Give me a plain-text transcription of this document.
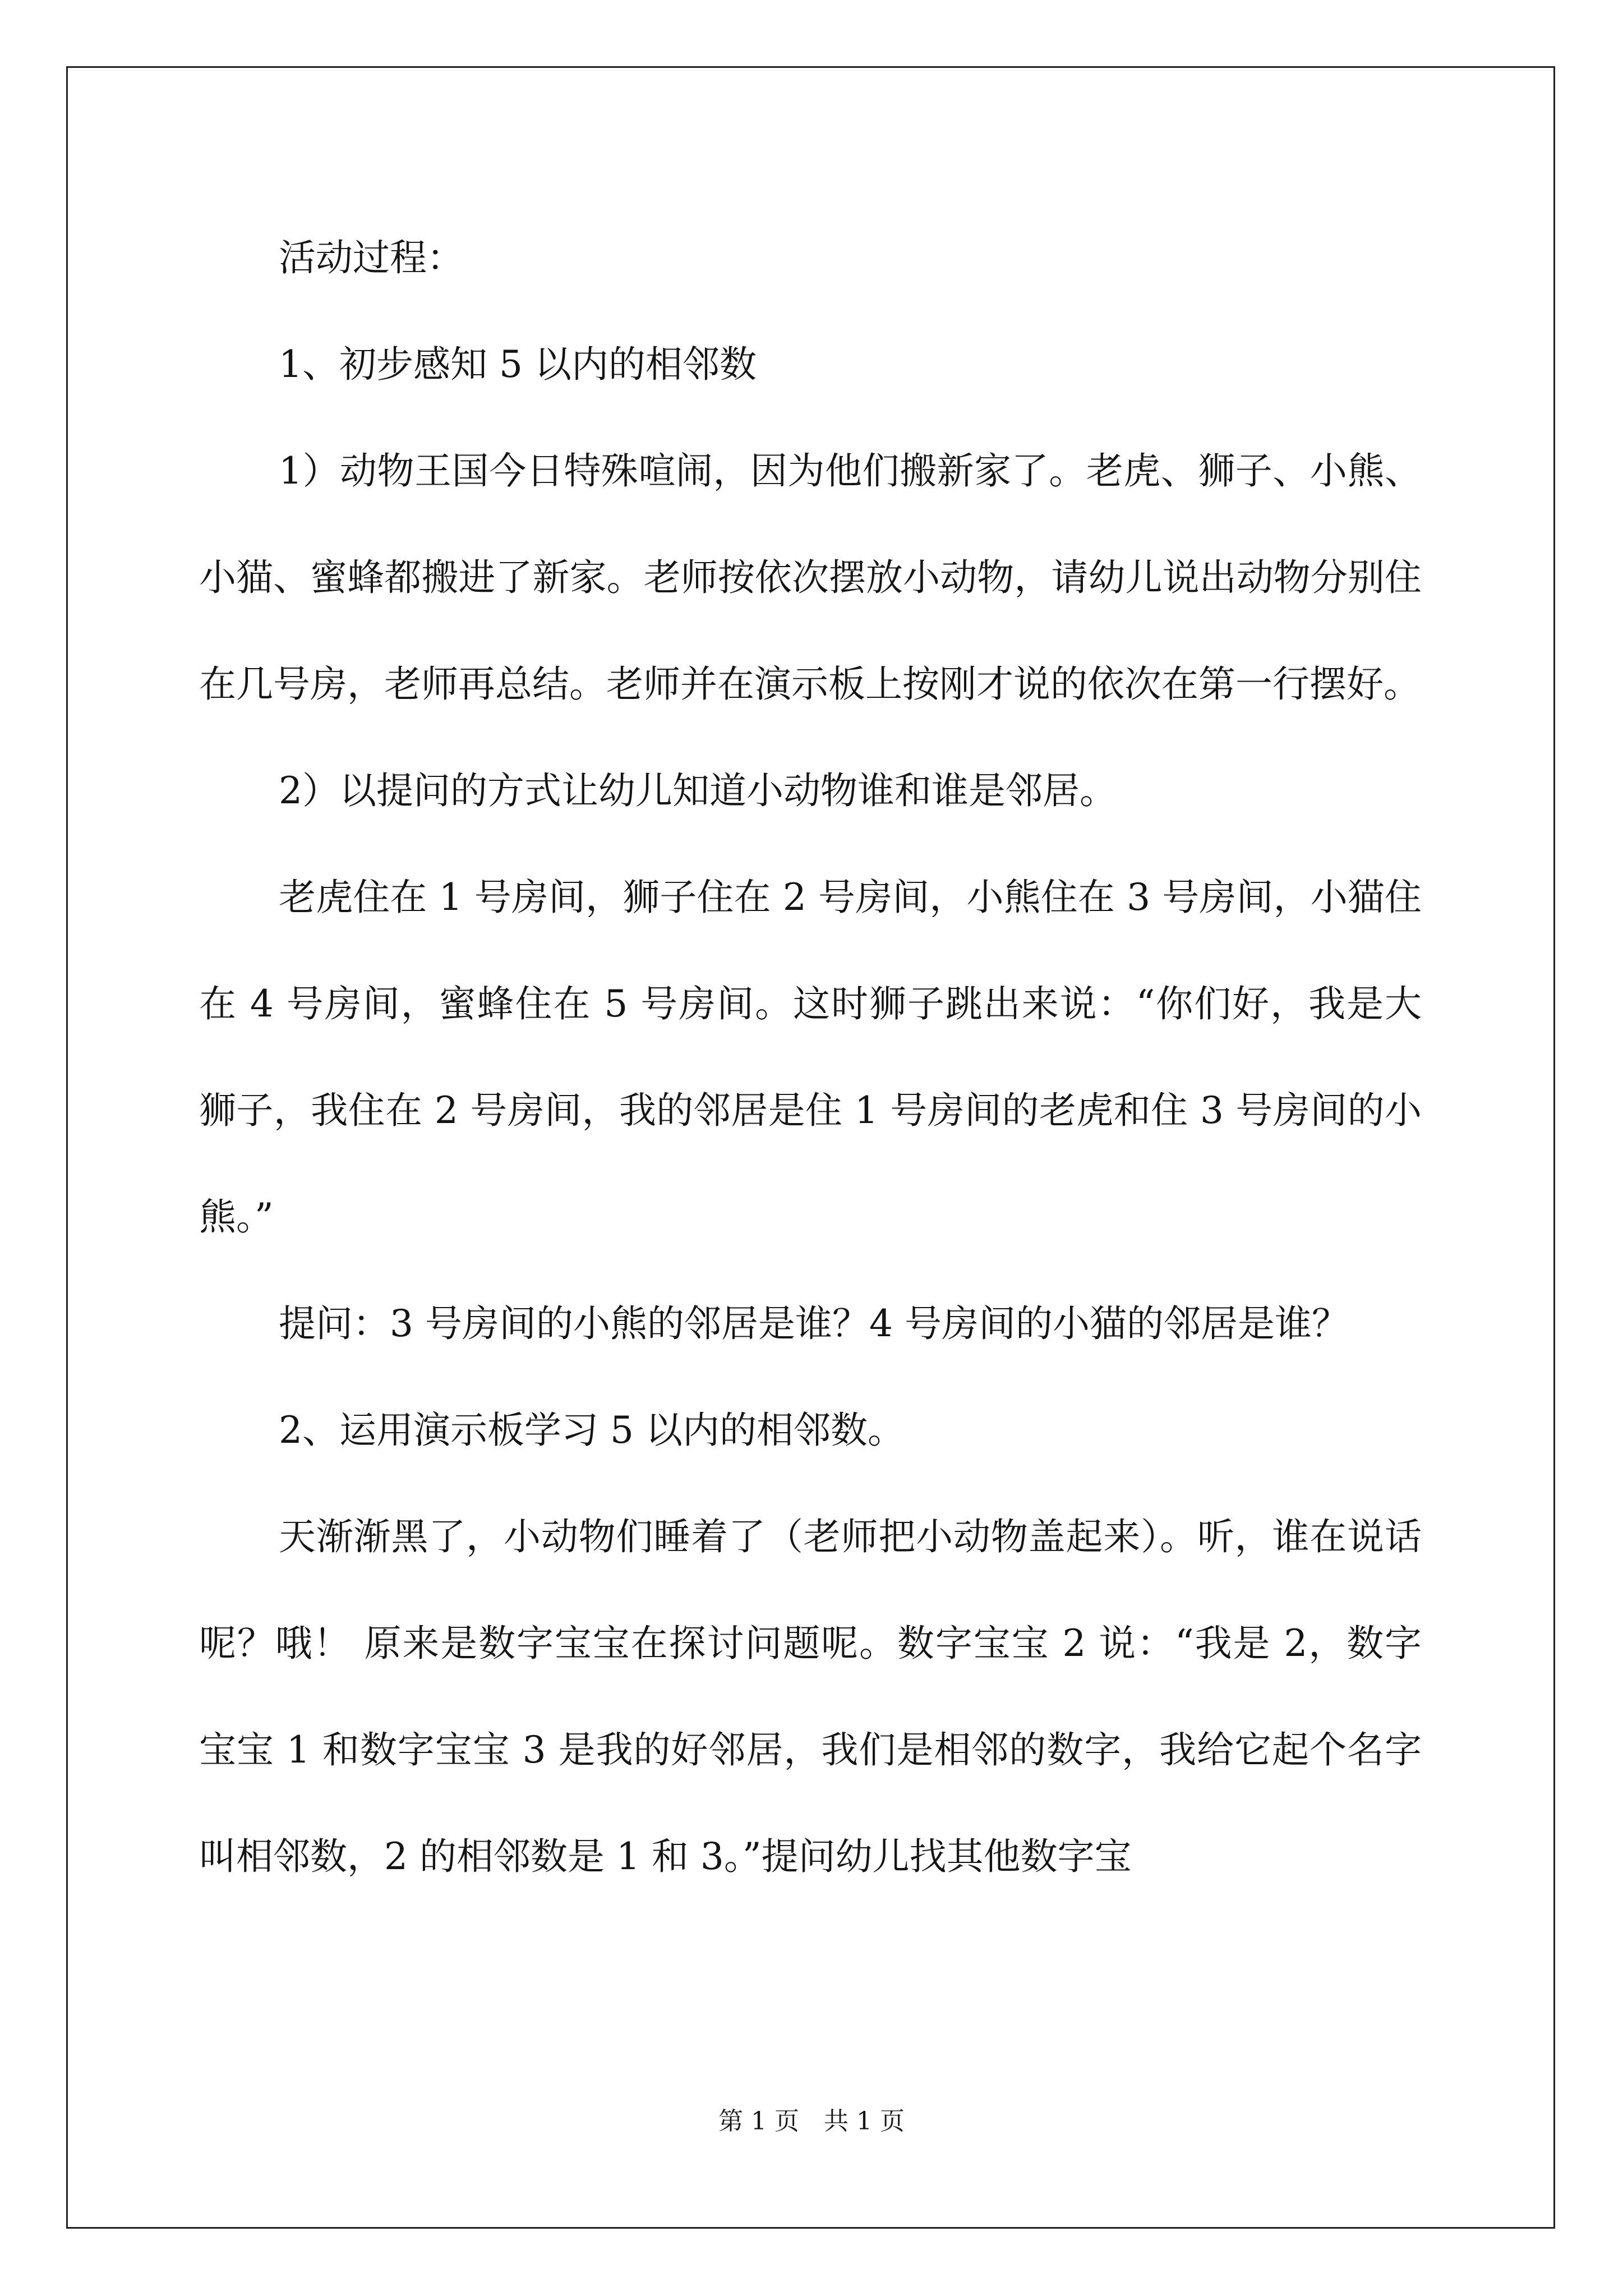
活动过程：

1、初步感知 5 以内的相邻数

1）动物王国今日特殊喧闹，因为他们搬新家了。老虎、狮子、小熊、小猫、蜜蜂都搬进了新家。老师按依次摆放小动物，请幼儿说出动物分别住在几号房，老师再总结。老师并在演示板上按刚才说的依次在第一行摆好。

2）以提问的方式让幼儿知道小动物谁和谁是邻居。

老虎住在 1 号房间，狮子住在 2 号房间，小熊住在 3 号房间，小猫住在 4 号房间，蜜蜂住在 5 号房间。这时狮子跳出来说：“你们好，我是大狮子，我住在 2 号房间，我的邻居是住 1 号房间的老虎和住 3 号房间的小熊。”

提问：3 号房间的小熊的邻居是谁？4 号房间的小猫的邻居是谁？

2、运用演示板学习 5 以内的相邻数。

天渐渐黑了，小动物们睡着了（老师把小动物盖起来）。听，谁在说话呢？哦！ 原来是数字宝宝在探讨问题呢。数字宝宝 2 说：“我是 2，数字宝宝 1 和数字宝宝 3 是我的好邻居，我们是相邻的数字，我给它起个名字叫相邻数，2 的相邻数是 1 和 3。”提问幼儿找其他数字宝

第 1 页　共 1 页
